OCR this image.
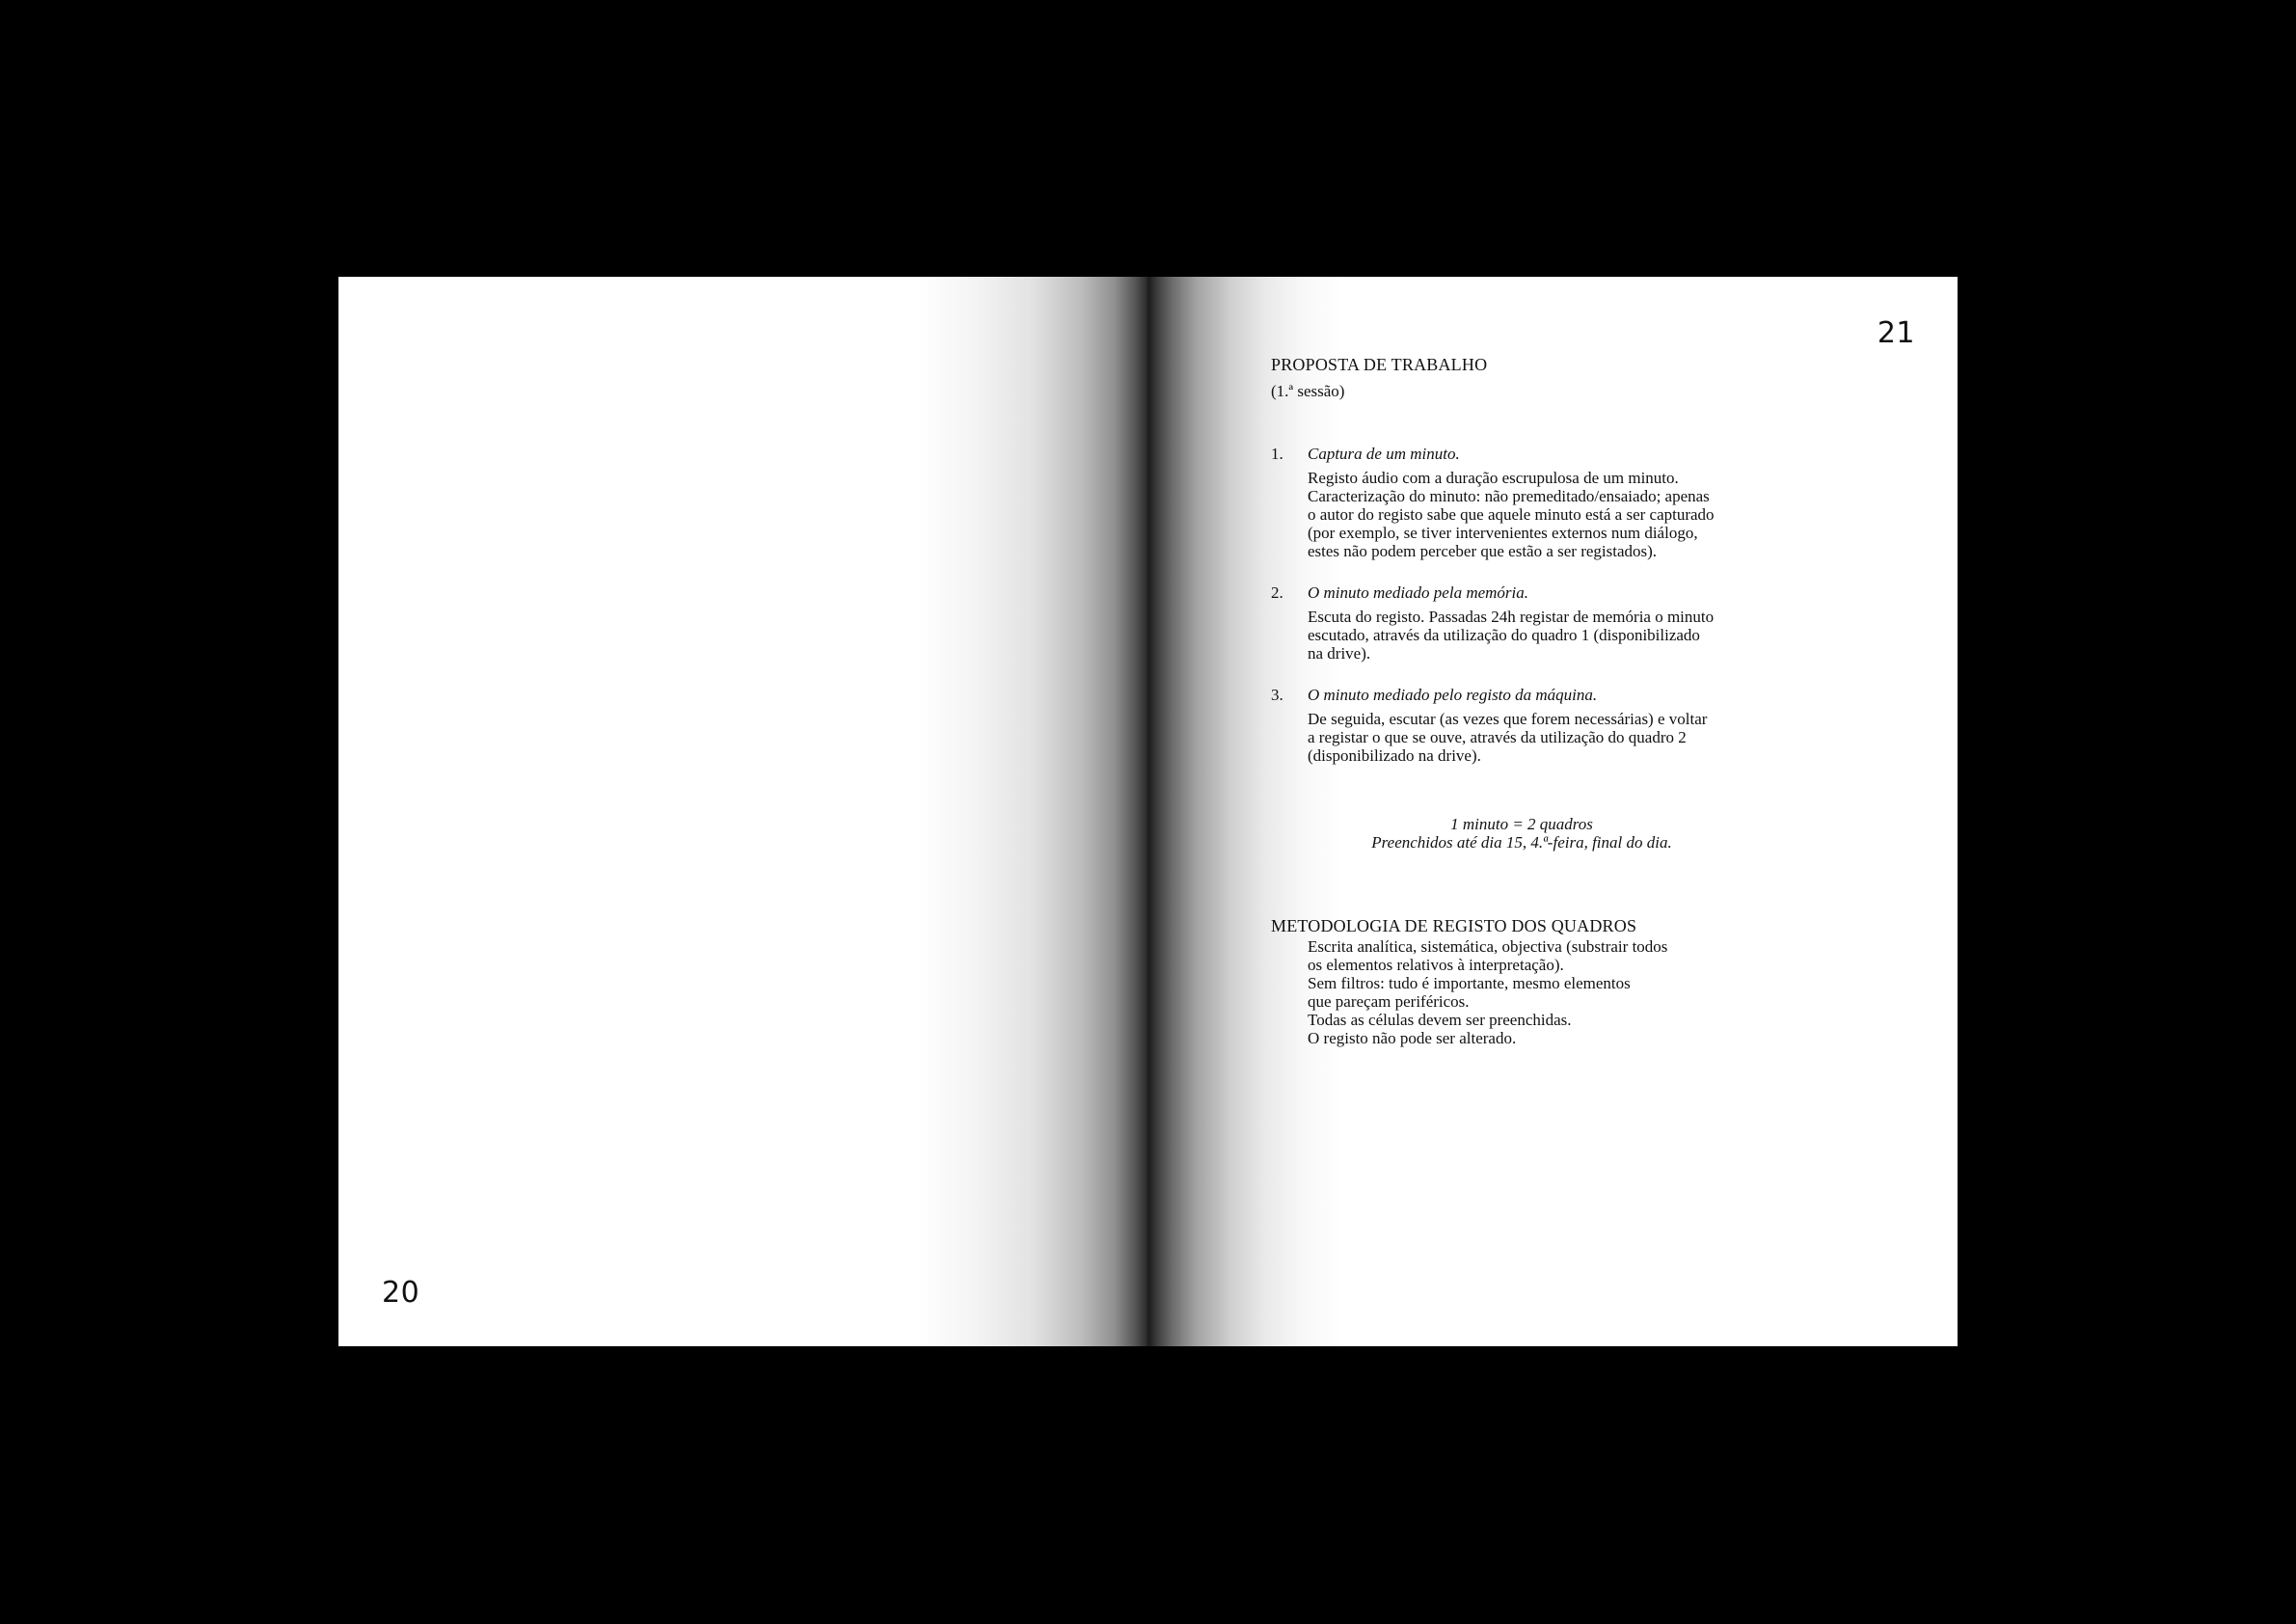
20
21

PROPOSTA DE TRABALHO

(1.ª sessão)

1.	Captura de um minuto.
Registo áudio com a duração escrupulosa de um minuto.
Caracterização do minuto: não premeditado/ensaiado; apenas
o autor do registo sabe que aquele minuto está a ser capturado
(por exemplo, se tiver intervenientes externos num diálogo,
estes não podem perceber que estão a ser registados).
2.	O minuto mediado pela memória.
Escuta do registo. Passadas 24h registar de memória o minuto
escutado, através da utilização do quadro 1 (disponibilizado
na drive).
3.	O minuto mediado pelo registo da máquina.
De seguida, escutar (as vezes que forem necessárias) e voltar
a registar o que se ouve, através da utilização do quadro 2
(disponibilizado na drive).
1 minuto = 2 quadros
Preenchidos até dia 15, 4.ª-feira, final do dia.

METODOLOGIA DE REGISTO DOS QUADROS

Escrita analítica, sistemática, objectiva (substrair todos
os elementos relativos à interpretação).
Sem filtros: tudo é importante, mesmo elementos
que pareçam periféricos.
Todas as células devem ser preenchidas.
O registo não pode ser alterado.
